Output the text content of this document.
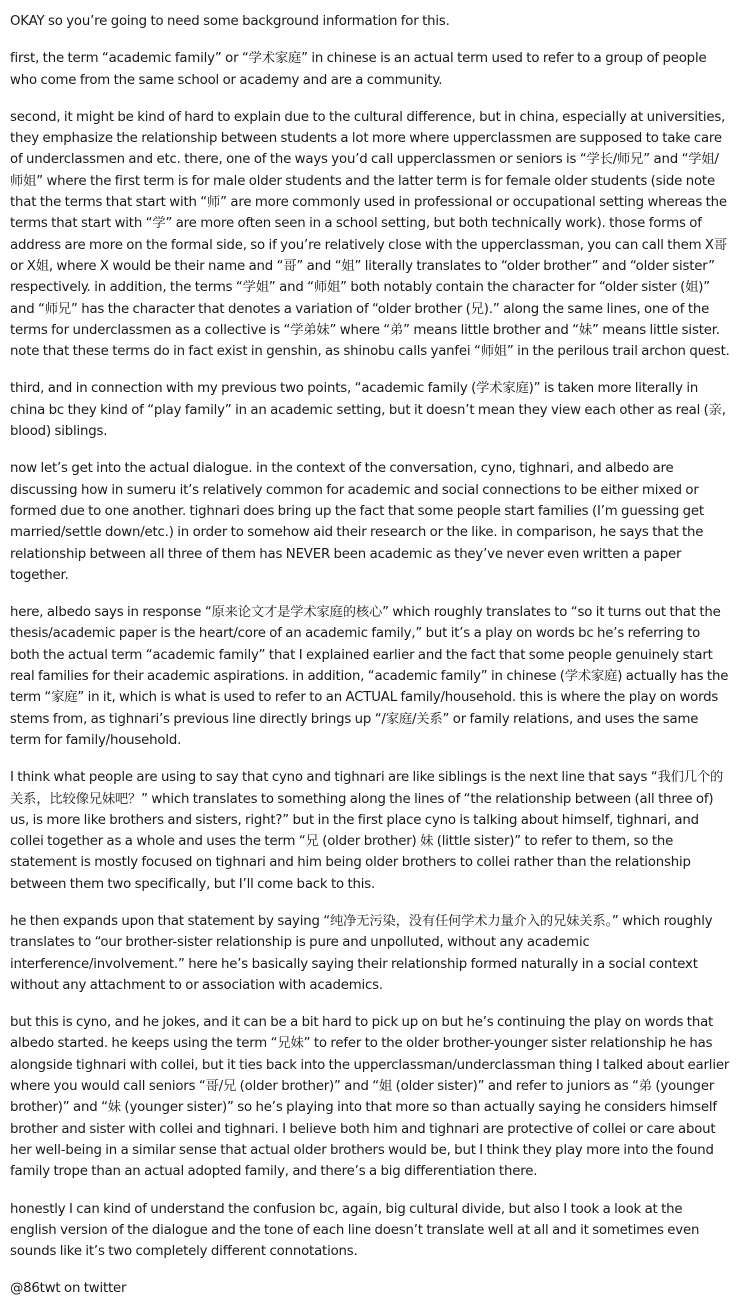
OKAY so you’re going to need some background information for this.

first, the term “academic family” or “学术家庭” in chinese is an actual term used to refer to a group of people who come from the same school or academy and are a community.

second, it might be kind of hard to explain due to the cultural difference, but in china, especially at universities, they emphasize the relationship between students a lot more where upperclassmen are supposed to take care of underclassmen and etc. there, one of the ways you’d call upperclassmen or seniors is “学长/师兄” and “学姐/师姐” where the first term is for male older students and the latter term is for female older students (side note that the terms that start with “师” are more commonly used in professional or occupational setting whereas the terms that start with “学” are more often seen in a school setting, but both technically work). those forms of address are more on the formal side, so if you’re relatively close with the upperclassman, you can call them X哥 or X姐, where X would be their name and “哥” and “姐” literally translates to “older brother” and “older sister” respectively. in addition, the terms “学姐” and “师姐” both notably contain the character for “older sister (姐)” and “师兄” has the character that denotes a variation of “older brother (兄).” along the same lines, one of the terms for underclassmen as a collective is “学弟妹” where “弟” means little brother and “妹” means little sister. note that these terms do in fact exist in genshin, as shinobu calls yanfei “师姐” in the perilous trail archon quest.

third, and in connection with my previous two points, “academic family (学术家庭)” is taken more literally in china bc they kind of “play family” in an academic setting, but it doesn’t mean they view each other as real (亲, blood) siblings.

now let’s get into the actual dialogue. in the context of the conversation, cyno, tighnari, and albedo are discussing how in sumeru it’s relatively common for academic and social connections to be either mixed or formed due to one another. tighnari does bring up the fact that some people start families (I’m guessing get married/settle down/etc.) in order to somehow aid their research or the like. in comparison, he says that the relationship between all three of them has NEVER been academic as they’ve never even written a paper together.

here, albedo says in response “原来论文才是学术家庭的核心” which roughly translates to “so it turns out that the thesis/academic paper is the heart/core of an academic family,” but it’s a play on words bc he’s referring to both the actual term “academic family” that I explained earlier and the fact that some people genuinely start real families for their academic aspirations. in addition, “academic family” in chinese (学术家庭) actually has the term “家庭” in it, which is what is used to refer to an ACTUAL family/household. this is where the play on words stems from, as tighnari’s previous line directly brings up “/家庭/关系” or family relations, and uses the same term for family/household.

I think what people are using to say that cyno and tighnari are like siblings is the next line that says “我们几个的关系，比较像兄妹吧？” which translates to something along the lines of “the relationship between (all three of) us, is more like brothers and sisters, right?” but in the first place cyno is talking about himself, tighnari, and collei together as a whole and uses the term “兄 (older brother) 妹 (little sister)” to refer to them, so the statement is mostly focused on tighnari and him being older brothers to collei rather than the relationship between them two specifically, but I’ll come back to this.

he then expands upon that statement by saying “纯净无污染，没有任何学术力量介入的兄妹关系。” which roughly translates to “our brother-sister relationship is pure and unpolluted, without any academic interference/involvement.” here he’s basically saying their relationship formed naturally in a social context without any attachment to or association with academics.

but this is cyno, and he jokes, and it can be a bit hard to pick up on but he’s continuing the play on words that albedo started. he keeps using the term “兄妹” to refer to the older brother-younger sister relationship he has alongside tighnari with collei, but it ties back into the upperclassman/underclassman thing I talked about earlier where you would call seniors “哥/兄 (older brother)” and “姐 (older sister)” and refer to juniors as “弟 (younger brother)” and “妹 (younger sister)” so he’s playing into that more so than actually saying he considers himself brother and sister with collei and tighnari. I believe both him and tighnari are protective of collei or care about her well-being in a similar sense that actual older brothers would be, but I think they play more into the found family trope than an actual adopted family, and there’s a big differentiation there.

honestly I can kind of understand the confusion bc, again, big cultural divide, but also I took a look at the english version of the dialogue and the tone of each line doesn’t translate well at all and it sometimes even sounds like it’s two completely different connotations.

@86twt on twitter
